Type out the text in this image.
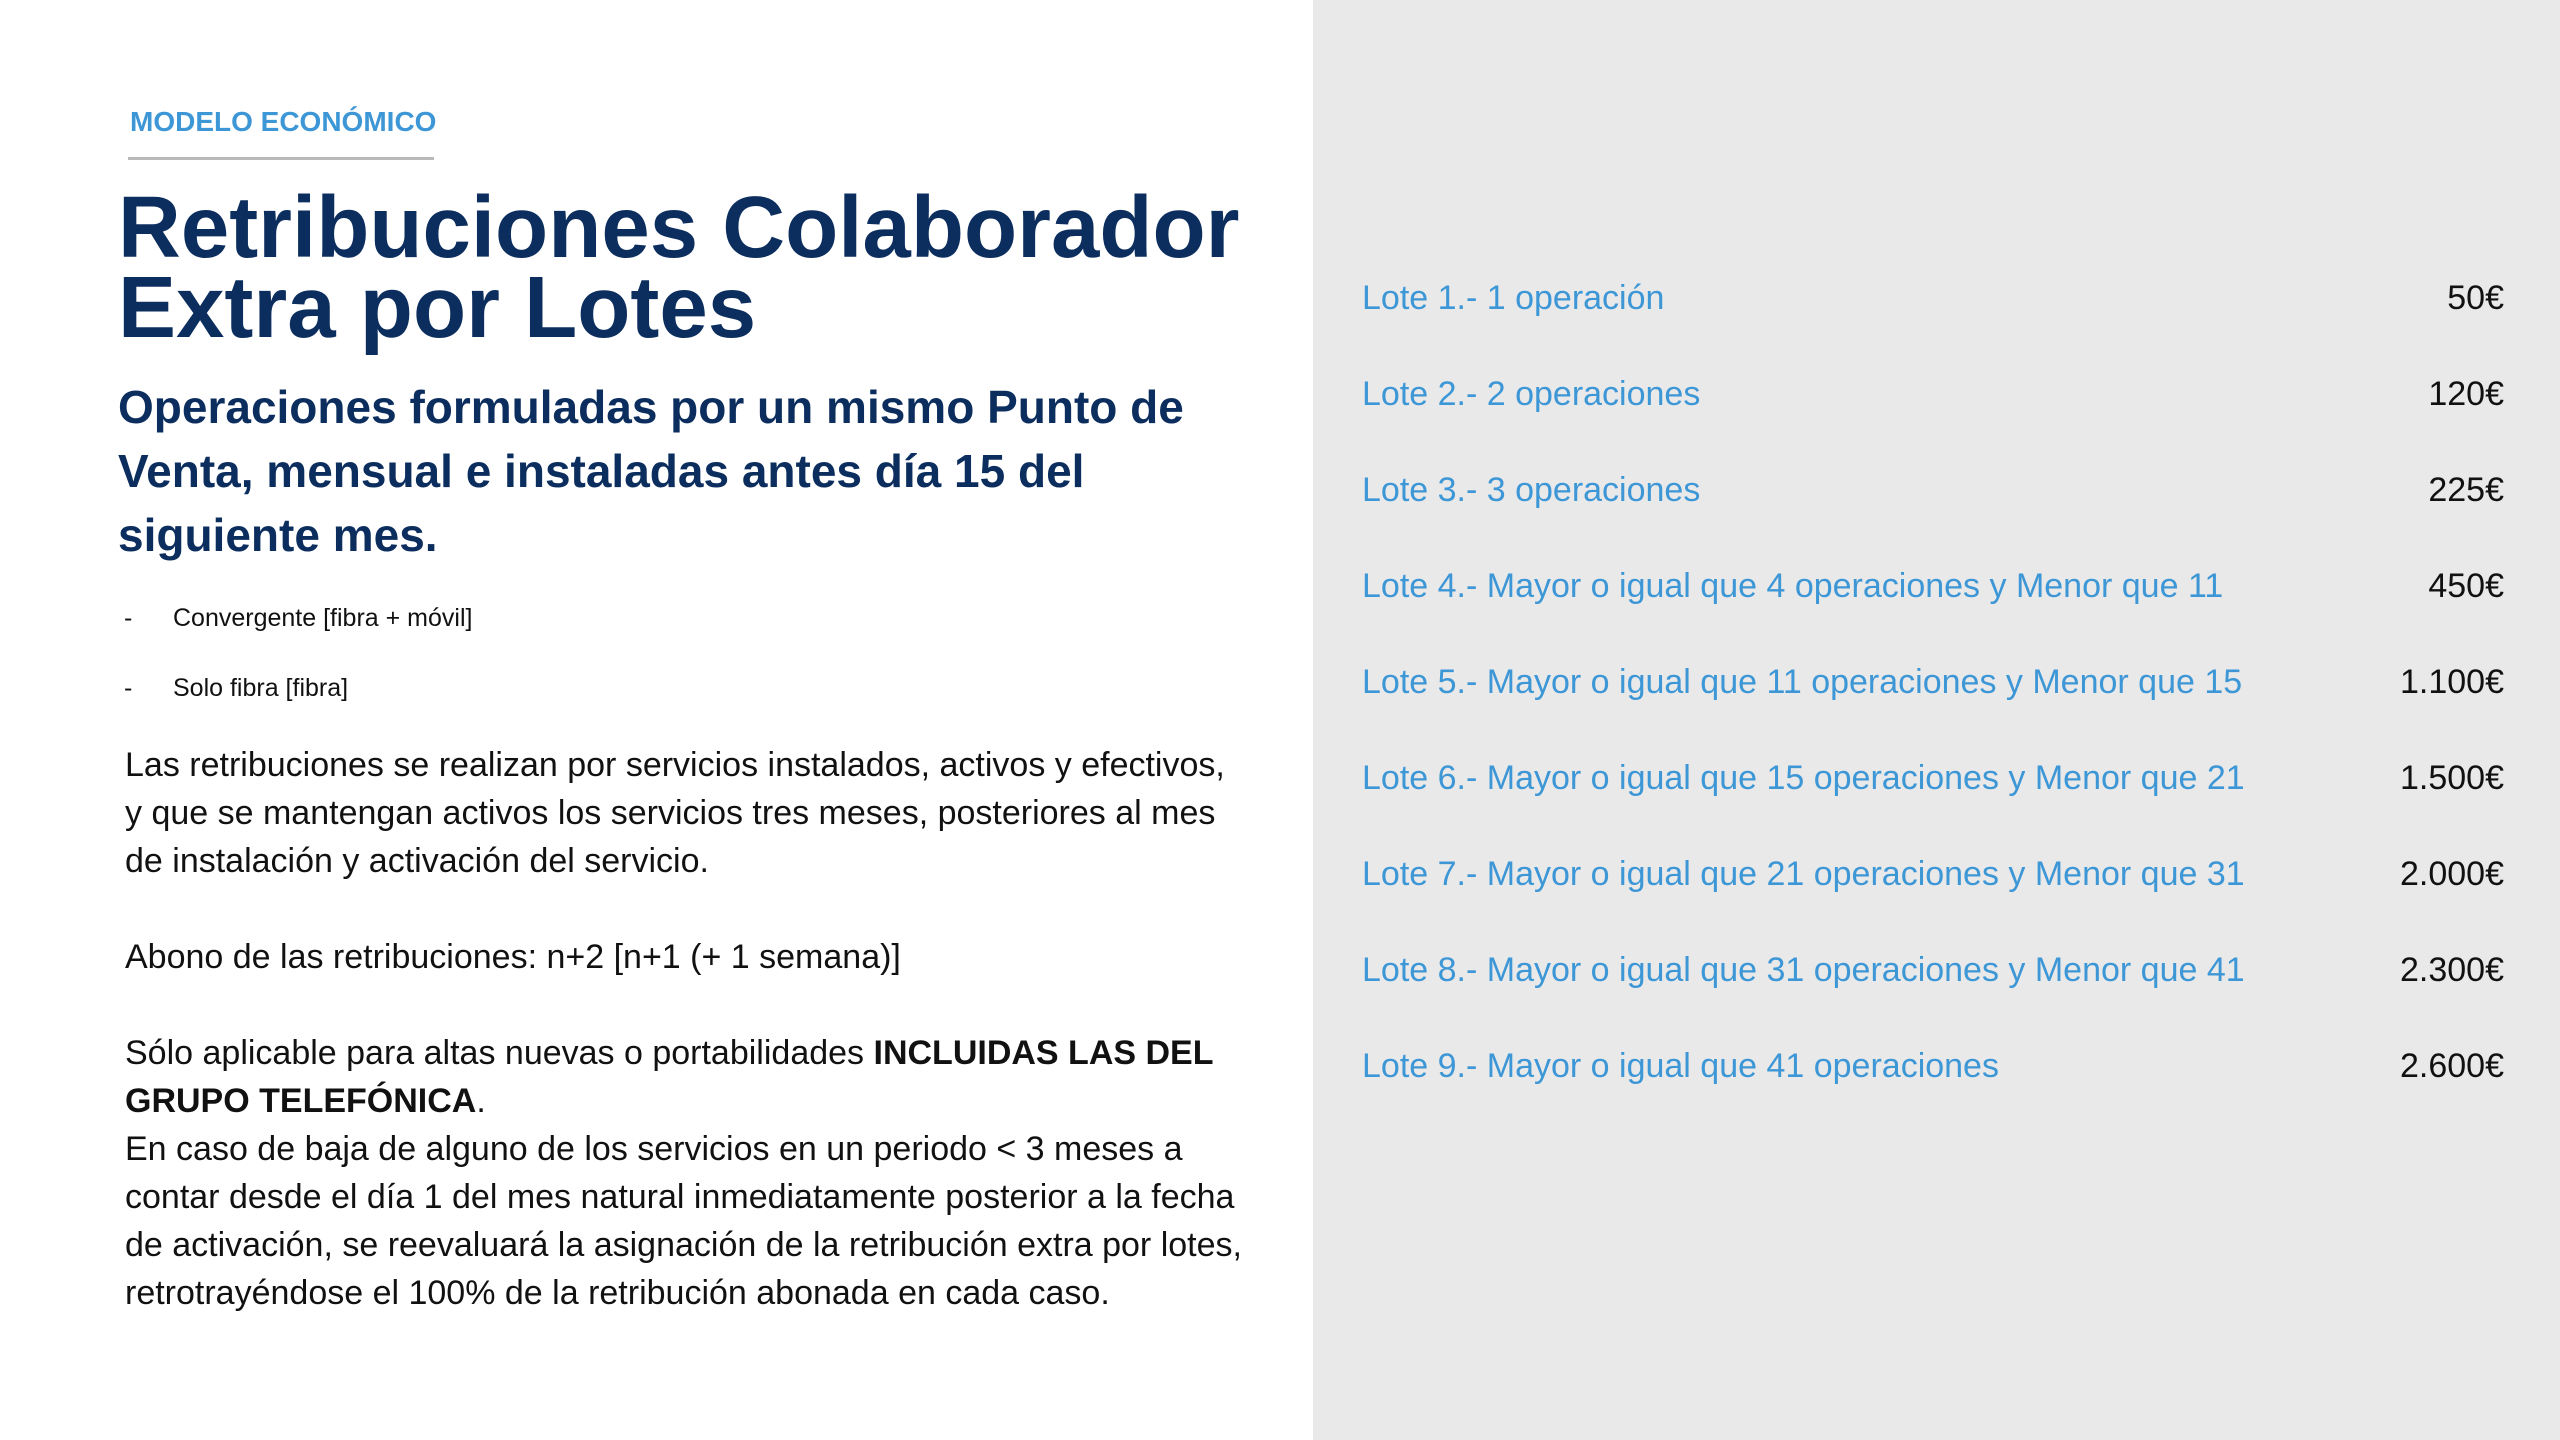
MODELO ECONÓMICO
Retribuciones Colaborador
Extra por Lotes
Operaciones formuladas por un mismo Punto de Venta, mensual e instaladas antes día 15 del siguiente mes.
- Convergente [fibra + móvil]
- Solo fibra [fibra]

Las retribuciones se realizan por servicios instalados, activos y efectivos, y que se mantengan activos los servicios tres meses, posteriores al mes de instalación y activación del servicio.

Abono de las retribuciones: n+2 [n+1 (+ 1 semana)]

Sólo aplicable para altas nuevas o portabilidades INCLUIDAS LAS DEL GRUPO TELEFÓNICA.

En caso de baja de alguno de los servicios en un periodo < 3 meses a contar desde el día 1 del mes natural inmediatamente posterior a la fecha de activación, se reevaluará la asignación de la retribución extra por lotes, retrotrayéndose el 100% de la retribución abonada en cada caso.

Lote 1.- 1 operación	50€
Lote 2.- 2 operaciones	120€
Lote 3.- 3 operaciones	225€
Lote 4.- Mayor o igual que 4 operaciones y Menor que 11	450€
Lote 5.- Mayor o igual que 11 operaciones y Menor que 15	1.100€
Lote 6.- Mayor o igual que 15 operaciones y Menor que 21	1.500€
Lote 7.- Mayor o igual que 21 operaciones y Menor que 31	2.000€
Lote 8.- Mayor o igual que 31 operaciones y Menor que 41	2.300€
Lote 9.- Mayor o igual que 41 operaciones	2.600€
